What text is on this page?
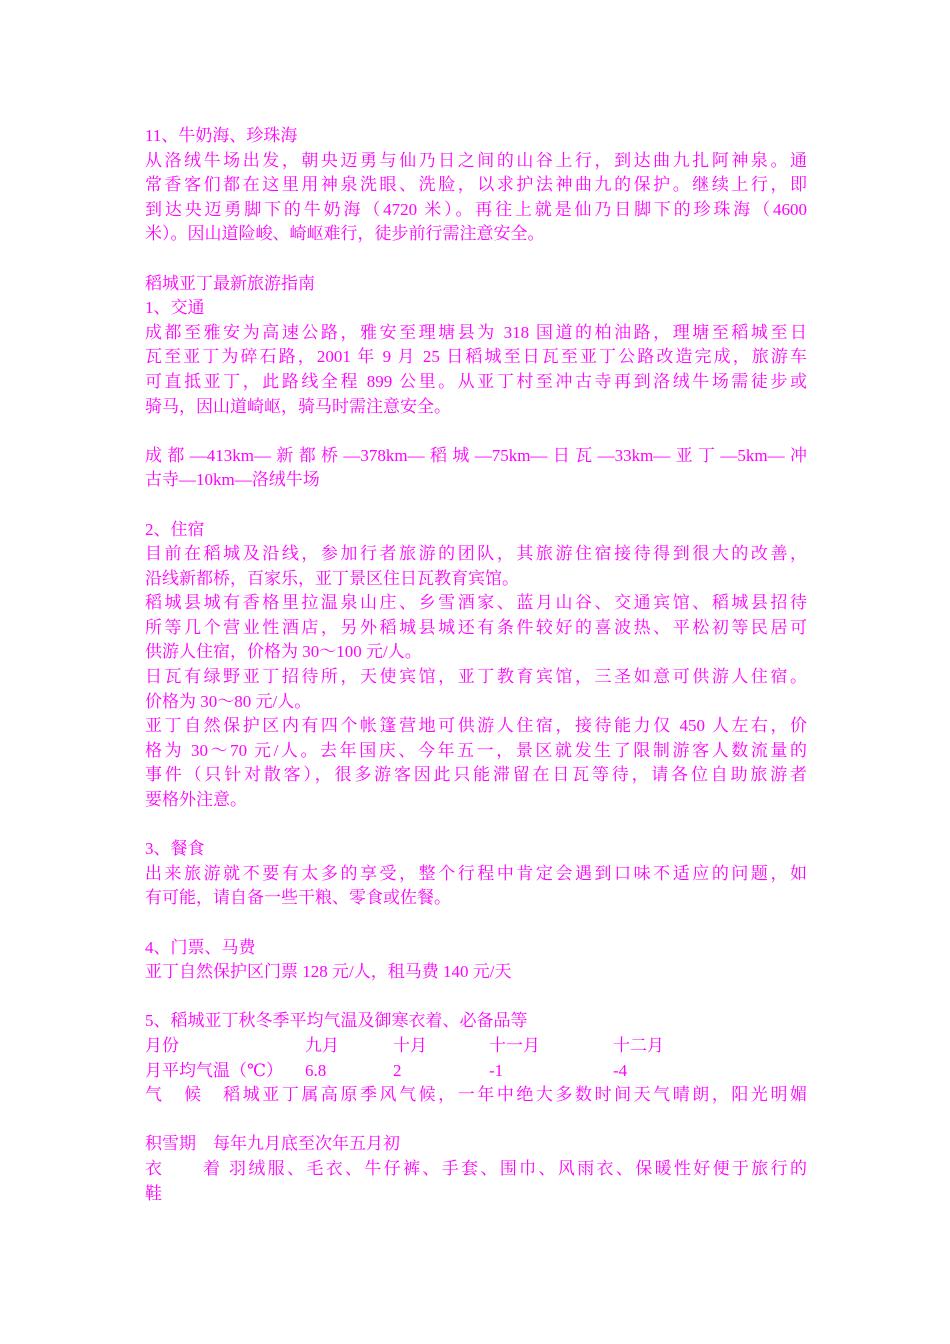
11、牛奶海、珍珠海
从洛绒牛场出发，朝央迈勇与仙乃日之间的山谷上行，到达曲九扎阿神泉。通
常香客们都在这里用神泉洗眼、洗脸，以求护法神曲九的保护。继续上行，即
到达央迈勇脚下的牛奶海（4720 米）。再往上就是仙乃日脚下的珍珠海（4600
米）。因山道险峻、崎岖难行，徒步前行需注意安全。
稻城亚丁最新旅游指南
1、交通
成都至雅安为高速公路，雅安至理塘县为 318 国道的柏油路，理塘至稻城至日
瓦至亚丁为碎石路，2001 年 9 月 25 日稻城至日瓦至亚丁公路改造完成，旅游车
可直抵亚丁，此路线全程 899 公里。从亚丁村至冲古寺再到洛绒牛场需徒步或
骑马，因山道崎岖，骑马时需注意安全。
成都—413km—新都桥—378km—稻城—75km—日瓦—33km—亚丁—5km—冲
古寺—10km—洛绒牛场
2、住宿
目前在稻城及沿线，参加行者旅游的团队，其旅游住宿接待得到很大的改善，
沿线新都桥，百家乐，亚丁景区住日瓦教育宾馆。
稻城县城有香格里拉温泉山庄、乡雪酒家、蓝月山谷、交通宾馆、稻城县招待
所等几个营业性酒店，另外稻城县城还有条件较好的喜波热、平松初等民居可
供游人住宿，价格为 30～100 元/人。
日瓦有绿野亚丁招待所，天使宾馆，亚丁教育宾馆，三圣如意可供游人住宿。
价格为 30～80 元/人。
亚丁自然保护区内有四个帐篷营地可供游人住宿，接待能力仅 450 人左右，价
格为 30～70 元/人。去年国庆、今年五一，景区就发生了限制游客人数流量的
事件（只针对散客），很多游客因此只能滞留在日瓦等待，请各位自助旅游者
要格外注意。
3、餐食
出来旅游就不要有太多的享受，整个行程中肯定会遇到口味不适应的问题，如
有可能，请自备一些干粮、零食或佐餐。
4、门票、马费
亚丁自然保护区门票 128 元/人，租马费 140 元/天
5、稻城亚丁秋冬季平均气温及御寒衣着、必备品等
月份	九月	十月	十一月	十二月
月平均气温（℃）	6.8	2	-1	-4
气　候　稻城亚丁属高原季风气候，一年中绝大多数时间天气晴朗，阳光明媚
积雪期　每年九月底至次年五月初
衣　　着 羽绒服、毛衣、牛仔裤、手套、围巾、风雨衣、保暖性好便于旅行的
鞋
